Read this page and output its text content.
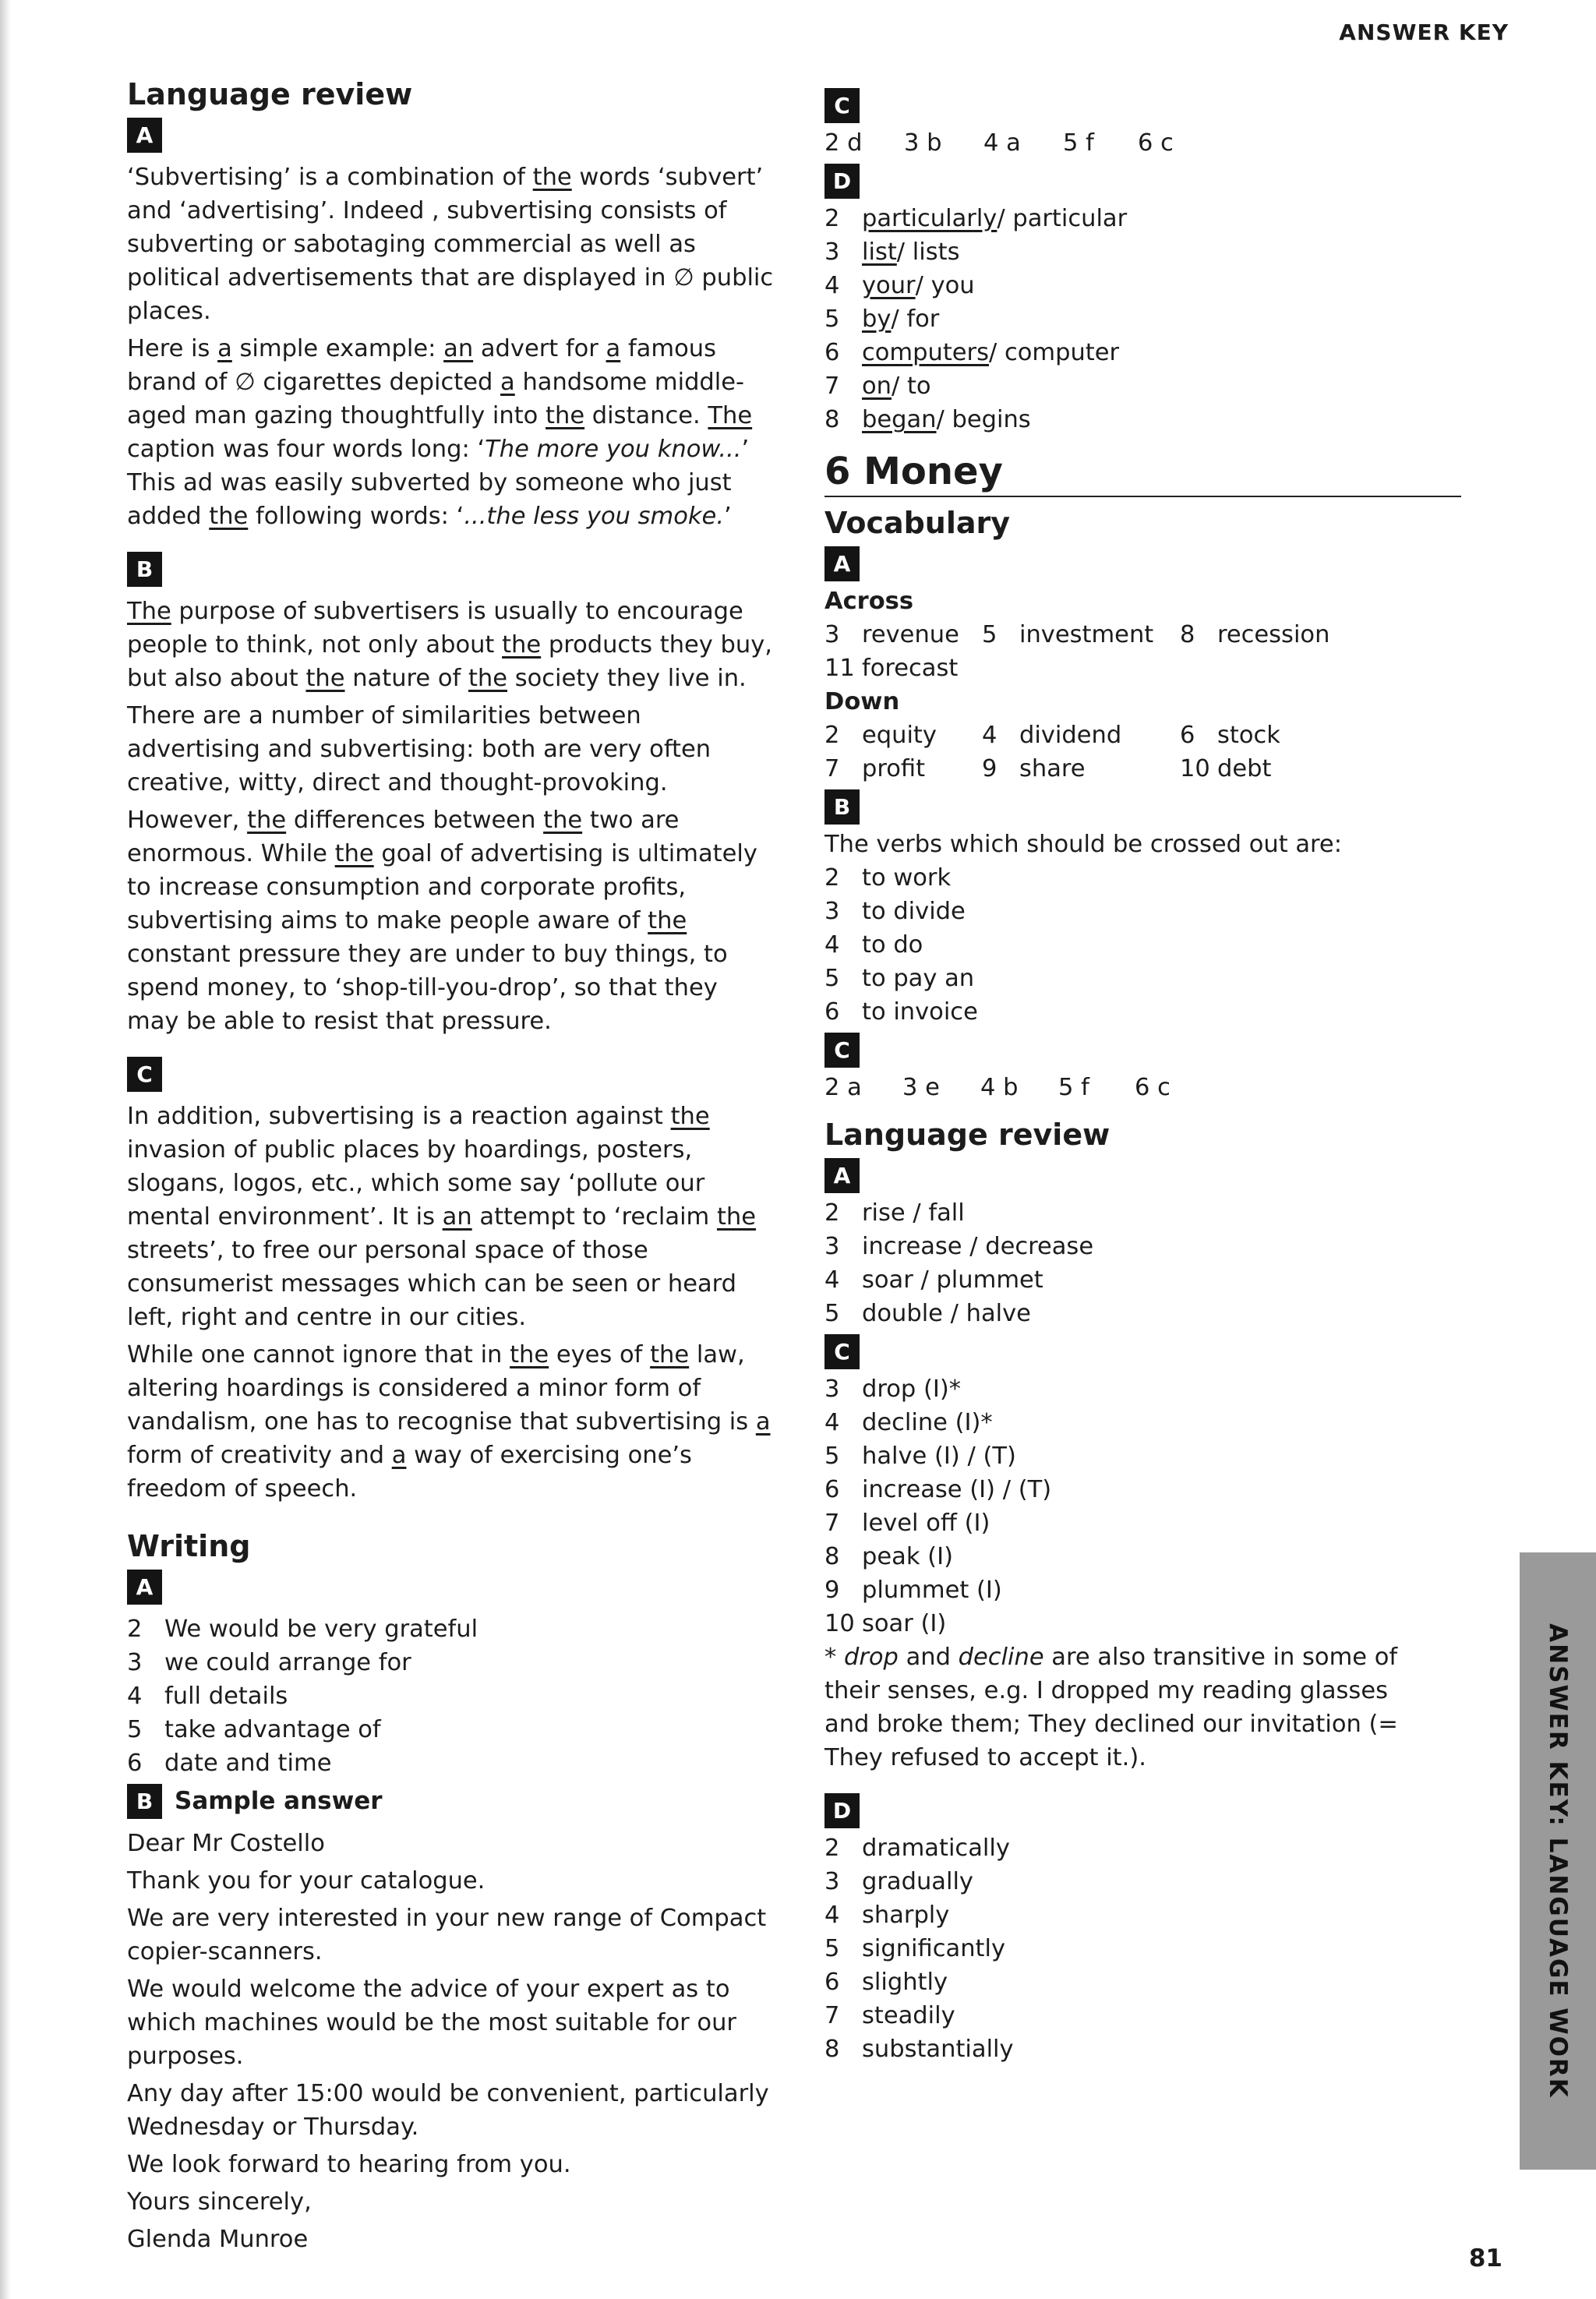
ANSWER KEY
Language review
A

‘Subvertising’ is a combination of the words ‘subvert’ and ‘advertising’. Indeed , subvertising consists of subverting or sabotaging commercial as well as political advertisements that are displayed in ∅ public places.

Here is a simple example: an advert for a famous brand of ∅ cigarettes depicted a handsome middle-aged man gazing thoughtfully into the distance. The caption was four words long: ‘The more you know...’ This ad was easily subverted by someone who just added the following words: ‘...the less you smoke.’

B

The purpose of subvertisers is usually to encourage people to think, not only about the products they buy, but also about the nature of the society they live in.

There are a number of similarities between advertising and subvertising: both are very often creative, witty, direct and thought-provoking.

However, the differences between the two are enormous. While the goal of advertising is ultimately to increase consumption and corporate profits, subvertising aims to make people aware of the constant pressure they are under to buy things, to spend money, to ‘shop-till-you-drop’, so that they may be able to resist that pressure.

C

In addition, subvertising is a reaction against the invasion of public places by hoardings, posters, slogans, logos, etc., which some say ‘pollute our mental environment’. It is an attempt to ‘reclaim the streets’, to free our personal space of those consumerist messages which can be seen or heard left, right and centre in our cities.

While one cannot ignore that in the eyes of the law, altering hoardings is considered a minor form of vandalism, one has to recognise that subvertising is a form of creativity and a way of exercising one’s freedom of speech.

Writing
A
2 We would be very grateful
3 we could arrange for
4 full details
5 take advantage of
6 date and time
B Sample answer

Dear Mr Costello

Thank you for your catalogue.

We are very interested in your new range of Compact copier-scanners.

We would welcome the advice of your expert as to which machines would be the most suitable for our purposes.

Any day after 15:00 would be convenient, particularly Wednesday or Thursday.

We look forward to hearing from you.

Yours sincerely,

Glenda Munroe

C
2 d	3 b	4 a	5 f	6 c
D
2 particularly / particular
3 list / lists
4 your / you
5 by / for
6 computers / computer
7 on / to
8 began / begins
6 Money
Vocabulary
A
Across
3 revenue 5 investment 8 recession
11 forecast
Down
2 equity 4 dividend 6 stock
7 profit 9 share	10 debt
B

The verbs which should be crossed out are:

2 to work
3 to divide
4 to do
5 to pay an
6 to invoice
C
2 a	3 e	4 b	5 f	6 c
Language review
A
2 rise / fall
3 increase / decrease
4 soar / plummet
5 double / halve
C
3 drop (I)*
4 decline (I)*
5 halve (I) / (T)
6 increase (I) / (T)
7 level off (I)
8 peak (I)
9 plummet (I)
10 soar (I)

* drop and decline are also transitive in some of their senses, e.g. I dropped my reading glasses and broke them; They declined our invitation (= They refused to accept it.).

D
2 dramatically
3 gradually
4 sharply
5 significantly
6 slightly
7 steadily
8 substantially	ANSWER KEY: LANGUAGE WORK
81
